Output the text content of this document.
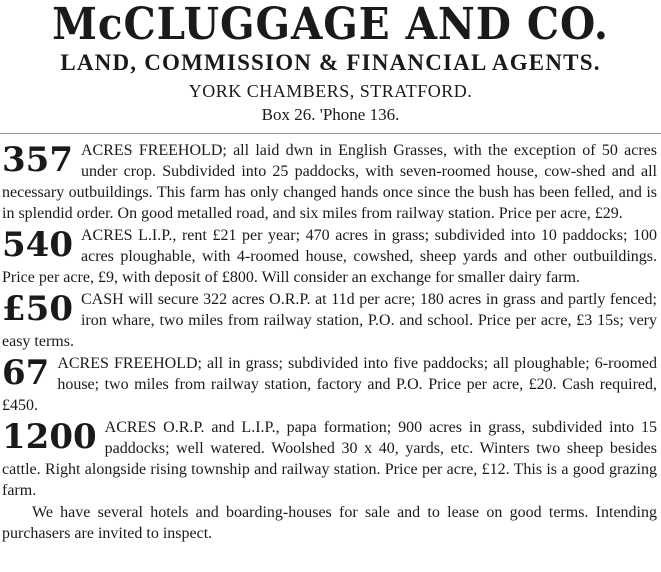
McCLUGGAGE AND CO.
LAND, COMMISSION & FINANCIAL AGENTS.
YORK CHAMBERS, STRATFORD.
Box 26. 'Phone 136.
357 ACRES FREEHOLD; all laid dwn in English Grasses, with the exception of 50 acres under crop. Subdivided into 25 paddocks, with seven-roomed house, cow-shed and all necessary outbuildings. This farm has only changed hands once since the bush has been felled, and is in splendid order. On good metalled road, and six miles from railway station. Price per acre, £29.
540 ACRES L.I.P., rent £21 per year; 470 acres in grass; subdivided into 10 paddocks; 100 acres ploughable, with 4-roomed house, cowshed, sheep yards and other outbuildings. Price per acre, £9, with deposit of £800. Will consider an exchange for smaller dairy farm.
£50 CASH will secure 322 acres O.R.P. at 11d per acre; 180 acres in grass and partly fenced; iron whare, two miles from railway station, P.O. and school. Price per acre, £3 15s; very easy terms.
67 ACRES FREEHOLD; all in grass; subdivided into five paddocks; all ploughable; 6-roomed house; two miles from railway station, factory and P.O. Price per acre, £20. Cash required, £450.
1200 ACRES O.R.P. and L.I.P., papa formation; 900 acres in grass, subdivided into 15 paddocks; well watered. Woolshed 30 x 40, yards, etc. Winters two sheep besides cattle. Right alongside rising township and railway station. Price per acre, £12. This is a good grazing farm.

We have several hotels and boarding-houses for sale and to lease on good terms. Intending purchasers are invited to inspect.
